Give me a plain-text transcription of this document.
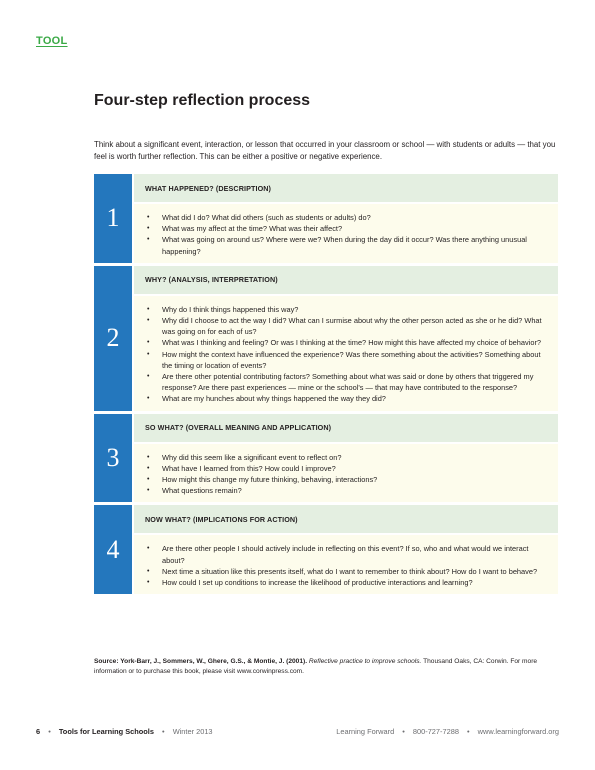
TOOL
Four-step reflection process
Think about a significant event, interaction, or lesson that occurred in your classroom or school — with students or adults — that you feel is worth further reflection. This can be either a positive or negative experience.
1
WHAT HAPPENED? (DESCRIPTION)
• What did I do? What did others (such as students or adults) do?
• What was my affect at the time? What was their affect?
• What was going on around us? Where were we? When during the day did it occur? Was there anything unusual happening?
2
WHY? (ANALYSIS, INTERPRETATION)
• Why do I think things happened this way?
• Why did I choose to act the way I did? What can I surmise about why the other person acted as she or he did? What was going on for each of us?
• What was I thinking and feeling? Or was I thinking at the time? How might this have affected my choice of behavior?
• How might the context have influenced the experience? Was there something about the activities? Something about the timing or location of events?
• Are there other potential contributing factors? Something about what was said or done by others that triggered my response? Are there past experiences — mine or the school's — that may have contributed to the response?
• What are my hunches about why things happened the way they did?
3
SO WHAT? (OVERALL MEANING AND APPLICATION)
• Why did this seem like a significant event to reflect on?
• What have I learned from this? How could I improve?
• How might this change my future thinking, behaving, interactions?
• What questions remain?
4
NOW WHAT? (IMPLICATIONS FOR ACTION)
• Are there other people I should actively include in reflecting on this event? If so, who and what would we interact about?
• Next time a situation like this presents itself, what do I want to remember to think about? How do I want to behave?
• How could I set up conditions to increase the likelihood of productive interactions and learning?
Source: York-Barr, J., Sommers, W., Ghere, G.S., & Montie, J. (2001). Reflective practice to improve schools. Thousand Oaks, CA: Corwin. For more information or to purchase this book, please visit www.corwinpress.com.
6 • Tools for Learning Schools • Winter 2013	Learning Forward • 800-727-7288 • www.learningforward.org
